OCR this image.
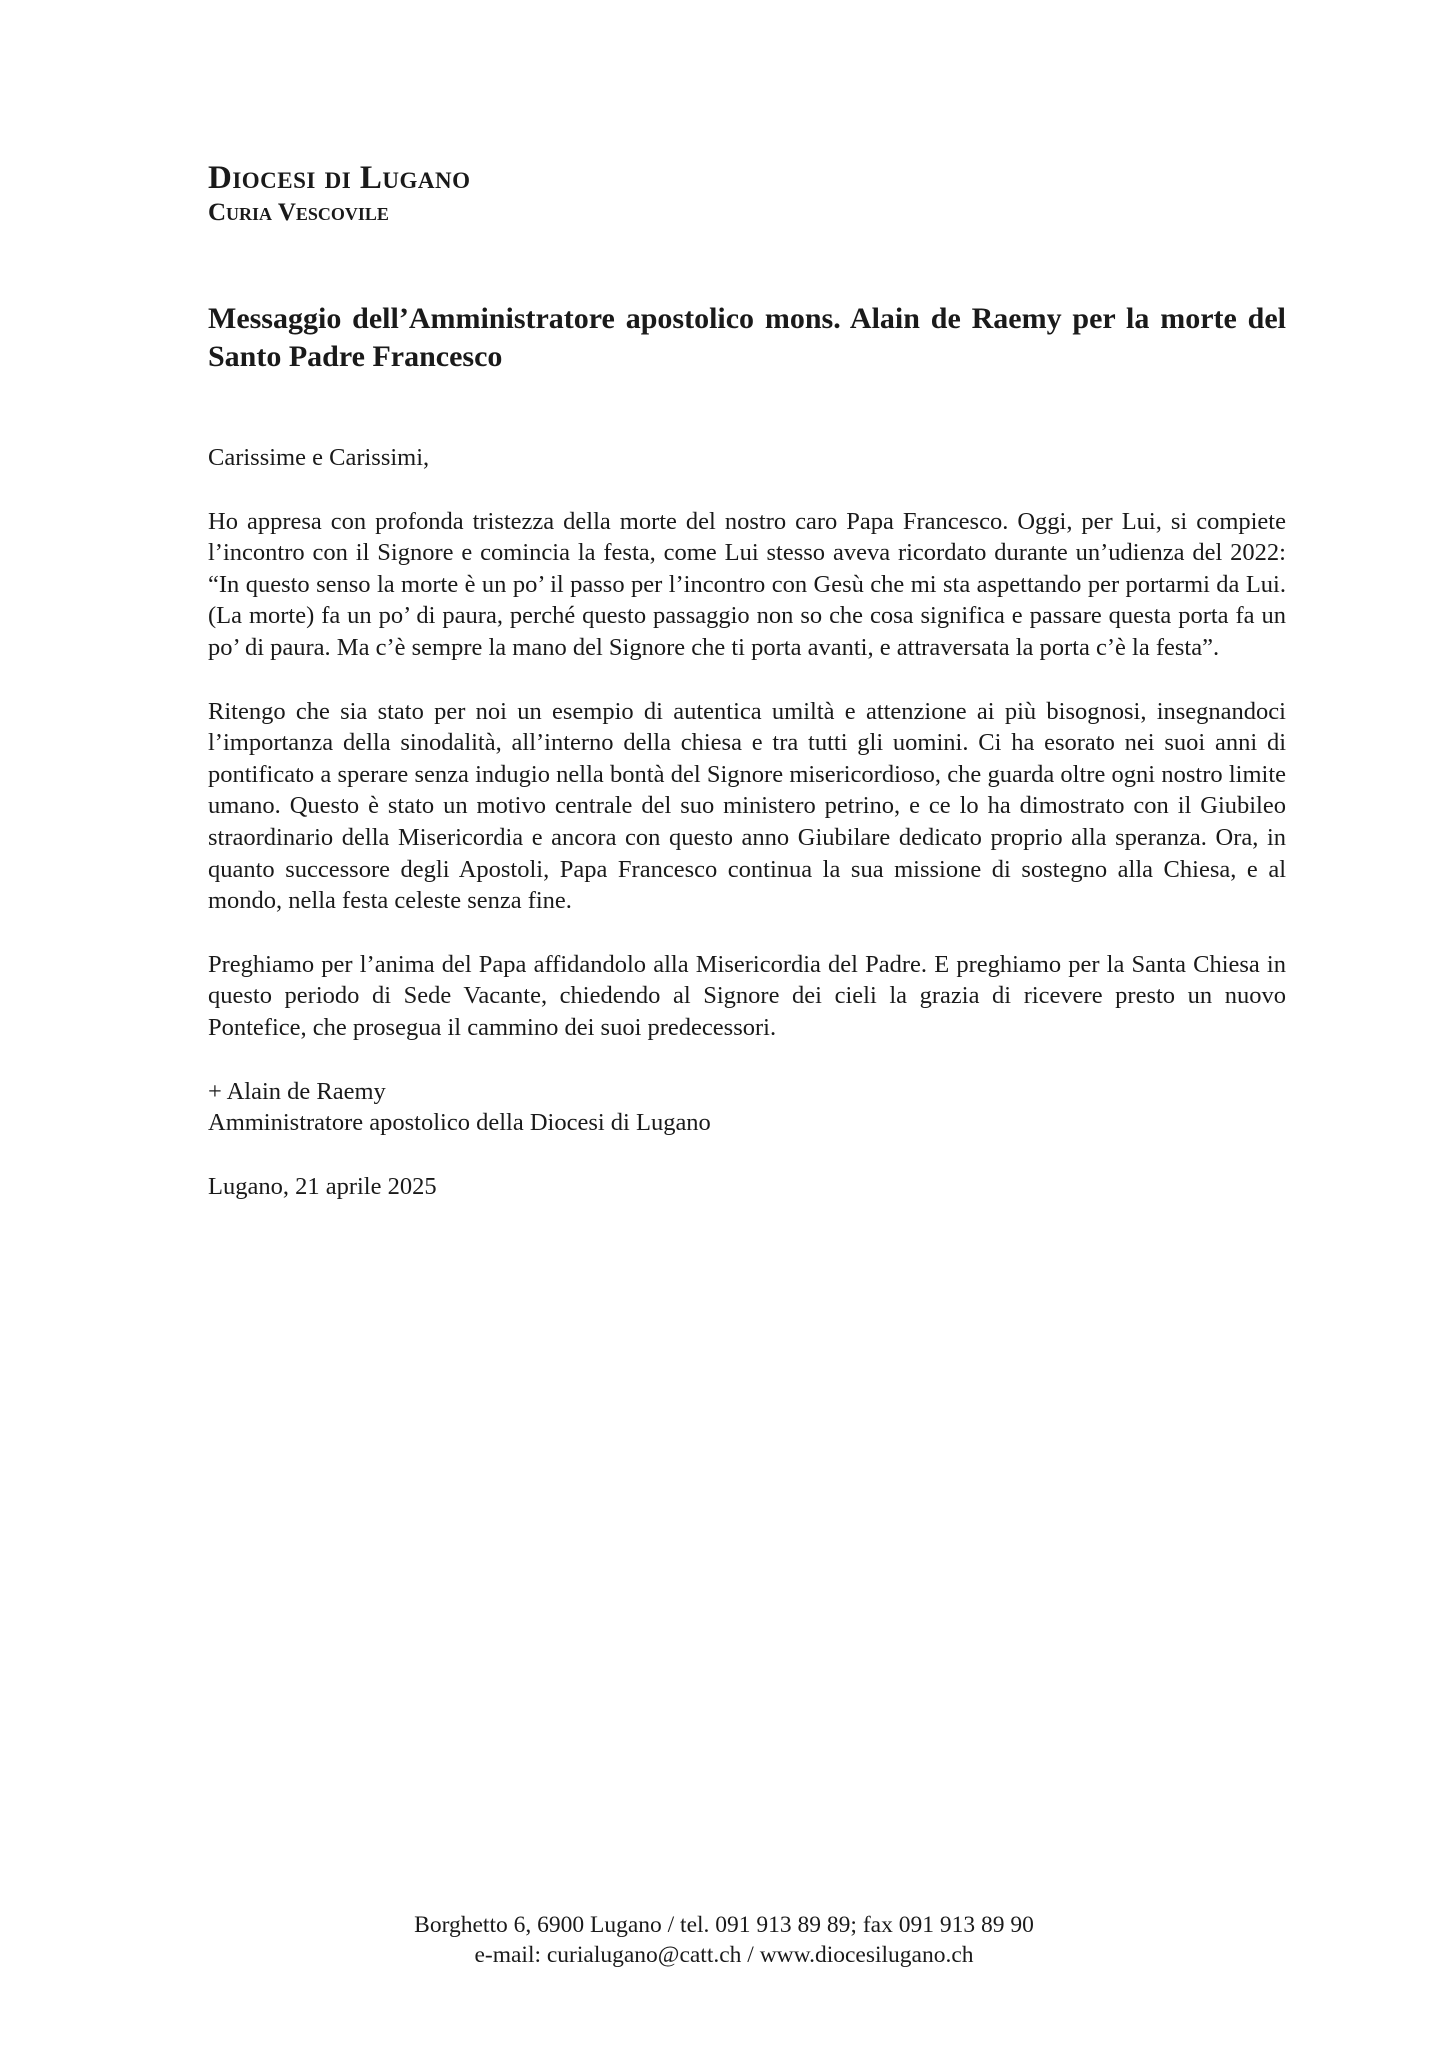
Diocesi di Lugano
Curia Vescovile
Messaggio dell’Amministratore apostolico mons. Alain de Raemy per la morte del Santo Padre Francesco

Carissime e Carissimi,

Ho appresa con profonda tristezza della morte del nostro caro Papa Francesco. Oggi, per Lui, si compiete l’incontro con il Signore e comincia la festa, come Lui stesso aveva ricordato durante un’udienza del 2022: “In questo senso la morte è un po’ il passo per l’incontro con Gesù che mi sta aspettando per portarmi da Lui. (La morte) fa un po’ di paura, perché questo passaggio non so che cosa significa e passare questa porta fa un po’ di paura. Ma c’è sempre la mano del Signore che ti porta avanti, e attraversata la porta c’è la festa”.

Ritengo che sia stato per noi un esempio di autentica umiltà e attenzione ai più bisognosi, insegnandoci l’importanza della sinodalità, all’interno della chiesa e tra tutti gli uomini. Ci ha esorato nei suoi anni di pontificato a sperare senza indugio nella bontà del Signore misericordioso, che guarda oltre ogni nostro limite umano. Questo è stato un motivo centrale del suo ministero petrino, e ce lo ha dimostrato con il Giubileo straordinario della Misericordia e ancora con questo anno Giubilare dedicato proprio alla speranza. Ora, in quanto successore degli Apostoli, Papa Francesco continua la sua missione di sostegno alla Chiesa, e al mondo, nella festa celeste senza fine.

Preghiamo per l’anima del Papa affidandolo alla Misericordia del Padre. E preghiamo per la Santa Chiesa in questo periodo di Sede Vacante, chiedendo al Signore dei cieli la grazia di ricevere presto un nuovo Pontefice, che prosegua il cammino dei suoi predecessori.

+ Alain de Raemy
Amministratore apostolico della Diocesi di Lugano

Lugano, 21 aprile 2025

Borghetto 6, 6900 Lugano / tel. 091 913 89 89; fax 091 913 89 90
e-mail: curialugano@catt.ch / www.diocesilugano.ch
